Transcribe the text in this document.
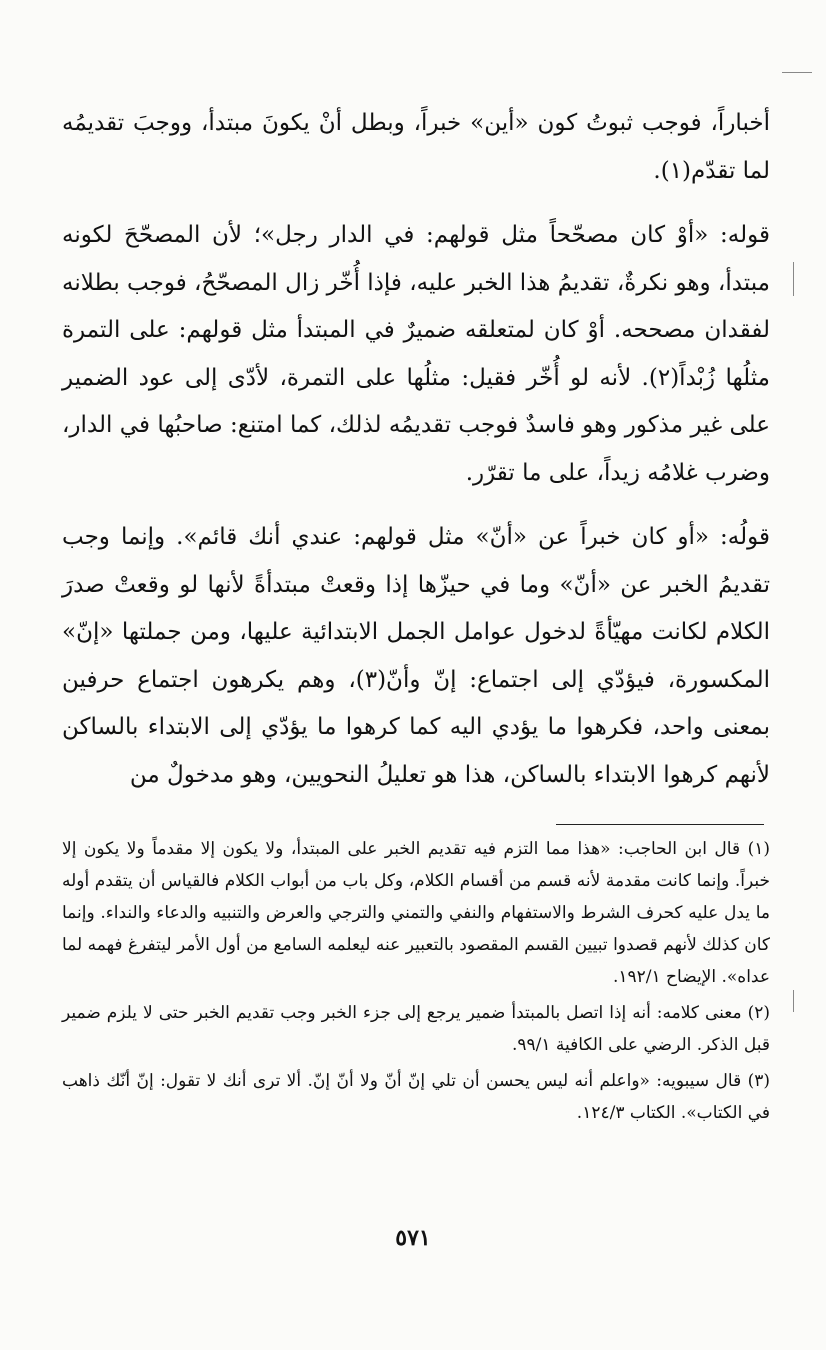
أخباراً، فوجب ثبوتُ كون «أين» خبراً، وبطل أنْ يكونَ مبتدأ، ووجبَ تقديمُه لما تقدّم(١).

قوله: «أوْ كان مصحّحاً مثل قولهم: في الدار رجل»؛ لأن المصحّحَ لكونه مبتدأ، وهو نكرةٌ، تقديمُ هذا الخبر عليه، فإذا أُخّر زال المصحّحُ، فوجب بطلانه لفقدان مصححه. أوْ كان لمتعلقه ضميرٌ في المبتدأ مثل قولهم: على التمرة مثلُها زُبْداً(٢). لأنه لو أُخّر فقيل: مثلُها على التمرة، لأدّى إلى عود الضمير على غير مذكور وهو فاسدٌ فوجب تقديمُه لذلك، كما امتنع: صاحبُها في الدار، وضرب غلامُه زيداً، على ما تقرّر.

قولُه: «أو كان خبراً عن «أنّ» مثل قولهم: عندي أنك قائم». وإنما وجب تقديمُ الخبر عن «أنّ» وما في حيزّها إذا وقعتْ مبتدأةً لأنها لو وقعتْ صدرَ الكلام لكانت مهيّأةً لدخول عوامل الجمل الابتدائية عليها، ومن جملتها «إنّ» المكسورة، فيؤدّي إلى اجتماع: إنّ وأنّ(٣)، وهم يكرهون اجتماع حرفين بمعنى واحد، فكرهوا ما يؤدي اليه كما كرهوا ما يؤدّي إلى الابتداء بالساكن لأنهم كرهوا الابتداء بالساكن، هذا هو تعليلُ النحويين، وهو مدخولٌ من

(١) قال ابن الحاجب: «هذا مما التزم فيه تقديم الخبر على المبتدأ، ولا يكون إلا مقدماً ولا يكون إلا خبراً. وإنما كانت مقدمة لأنه قسم من أقسام الكلام، وكل باب من أبواب الكلام فالقياس أن يتقدم أوله ما يدل عليه كحرف الشرط والاستفهام والنفي والتمني والترجي والعرض والتنبيه والدعاء والنداء. وإنما كان كذلك لأنهم قصدوا تبيين القسم المقصود بالتعبير عنه ليعلمه السامع من أول الأمر ليتفرغ فهمه لما عداه». الإيضاح ١٩٢/١.
(٢) معنى كلامه: أنه إذا اتصل بالمبتدأ ضمير يرجع إلى جزء الخبر وجب تقديم الخبر حتى لا يلزم ضمير قبل الذكر. الرضي على الكافية ٩٩/١.
(٣) قال سيبويه: «واعلم أنه ليس يحسن أن تلي إنّ أنّ ولا أنّ إنّ. ألا ترى أنك لا تقول: إنّ أنّك ذاهب في الكتاب». الكتاب ١٢٤/٣.
٥٧١
